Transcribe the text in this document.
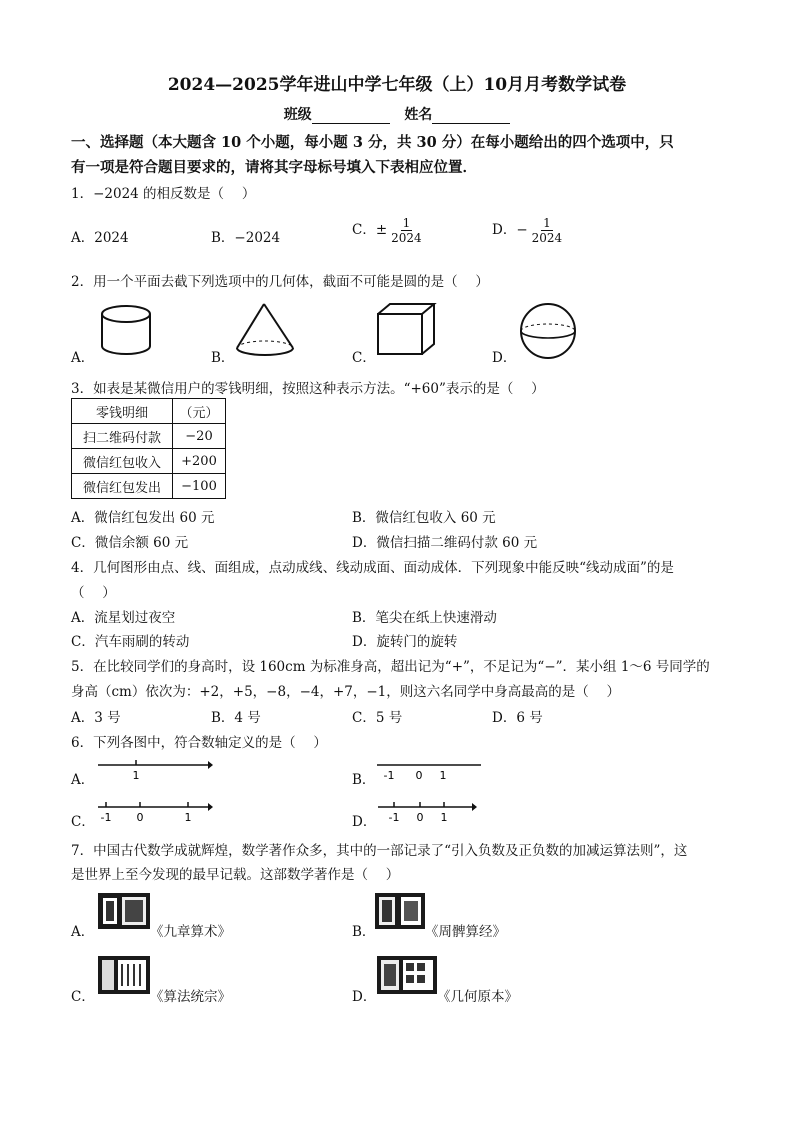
2024—2025学年进山中学七年级（上）10月月考数学试卷
班级	姓名
一、选择题（本大题含 10 个小题，每小题 3 分，共 30 分）在每小题给出的四个选项中，只
有一项是符合题目要求的，请将其字母标号填入下表相应位置．
1．−2024 的相反数是（　 ）
A．2024	B．−2024	C．± $\frac{1}{2024}$	D．− $\frac{1}{2024}$
2．用一个平面去截下列选项中的几何体，截面不可能是圆的是（　 ）
A．	B．	C．	D．
3．如表是某微信用户的零钱明细，按照这种表示方法。“+60”表示的是（　 ）
零钱明细	（元）
扫二维码付款	−20
微信红包收入	+200
微信红包发出	−100
A．微信红包发出 60 元	B．微信红包收入 60 元
C．微信余额 60 元	D．微信扫描二维码付款 60 元
4．几何图形由点、线、面组成，点动成线、线动成面、面动成体．下列现象中能反映“线动成面”的是
（　 ）
A．流星划过夜空	B．笔尖在纸上快速滑动
C．汽车雨刷的转动	D．旋转门的旋转
5．在比较同学们的身高时，设 160cm 为标准身高，超出记为“+”，不足记为“−”．某小组 1～6 号同学的
身高（cm）依次为：+2，+5，−8，−4，+7，−1，则这六名同学中身高最高的是（　 ）
A．3 号	B．4 号	C．5 号	D．6 号
6．下列各图中，符合数轴定义的是（　 ）
A．	B．
C．	D．
1	-1 0 1
-1 0	1	-1 0 1
7．中国古代数学成就辉煌，数学著作众多，其中的一部记录了“引入负数及正负数的加减运算法则”，这
是世界上至今发现的最早记载。这部数学著作是（　 ）
A．	《九章算术》	B．	《周髀算经》
C．	《算法统宗》	D．	《几何原本》
